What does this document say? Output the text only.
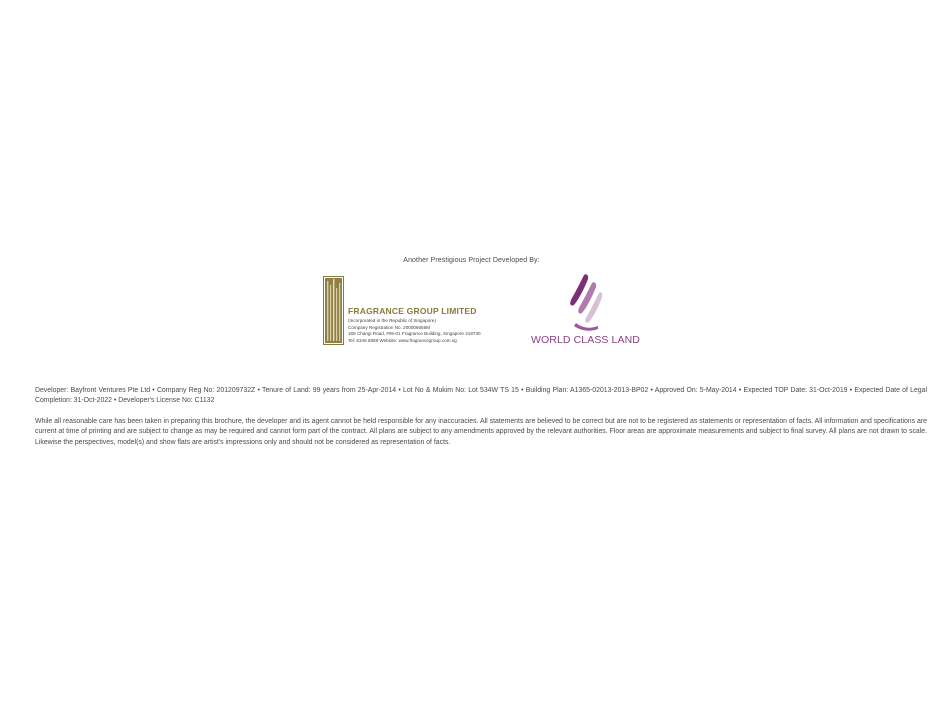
Another Prestigious Project Developed By:
FRAGRANCE GROUP LIMITED
(Incorporated in the Republic of Singapore)
Company Registration No. 200006656M
168 Changi Road, #05-01 Fragrance Building, Singapore 419730
Tel: 6346 6888 Website: www.fragrancegroup.com.sg	WORLD CLASS LAND
Developer: Bayfront Ventures Pte Ltd • Company Reg No: 201209732Z • Tenure of Land: 99 years from 25-Apr-2014 • Lot No & Mukim No: Lot 534W TS 15 • Building Plan: A1365-02013-2013-BP02 • Approved On: 5-May-2014 • Expected TOP Date: 31-Oct-2019 • Expected Date of Legal Completion: 31-Oct-2022 • Developer's License No: C1132
While all reasonable care has been taken in preparing this brochure, the developer and its agent cannot be held responsible for any inaccuracies. All statements are believed to be correct but are not to be registered as statements or representation of facts. All information and specifications are current at time of printing and are subject to change as may be required and cannot form part of the contract. All plans are subject to any amendments approved by the relevant authorities. Floor areas are approximate measurements and subject to final survey. All plans are not drawn to scale. Likewise the perspectives, model(s) and show flats are artist's impressions only and should not be considered as representation of facts.
